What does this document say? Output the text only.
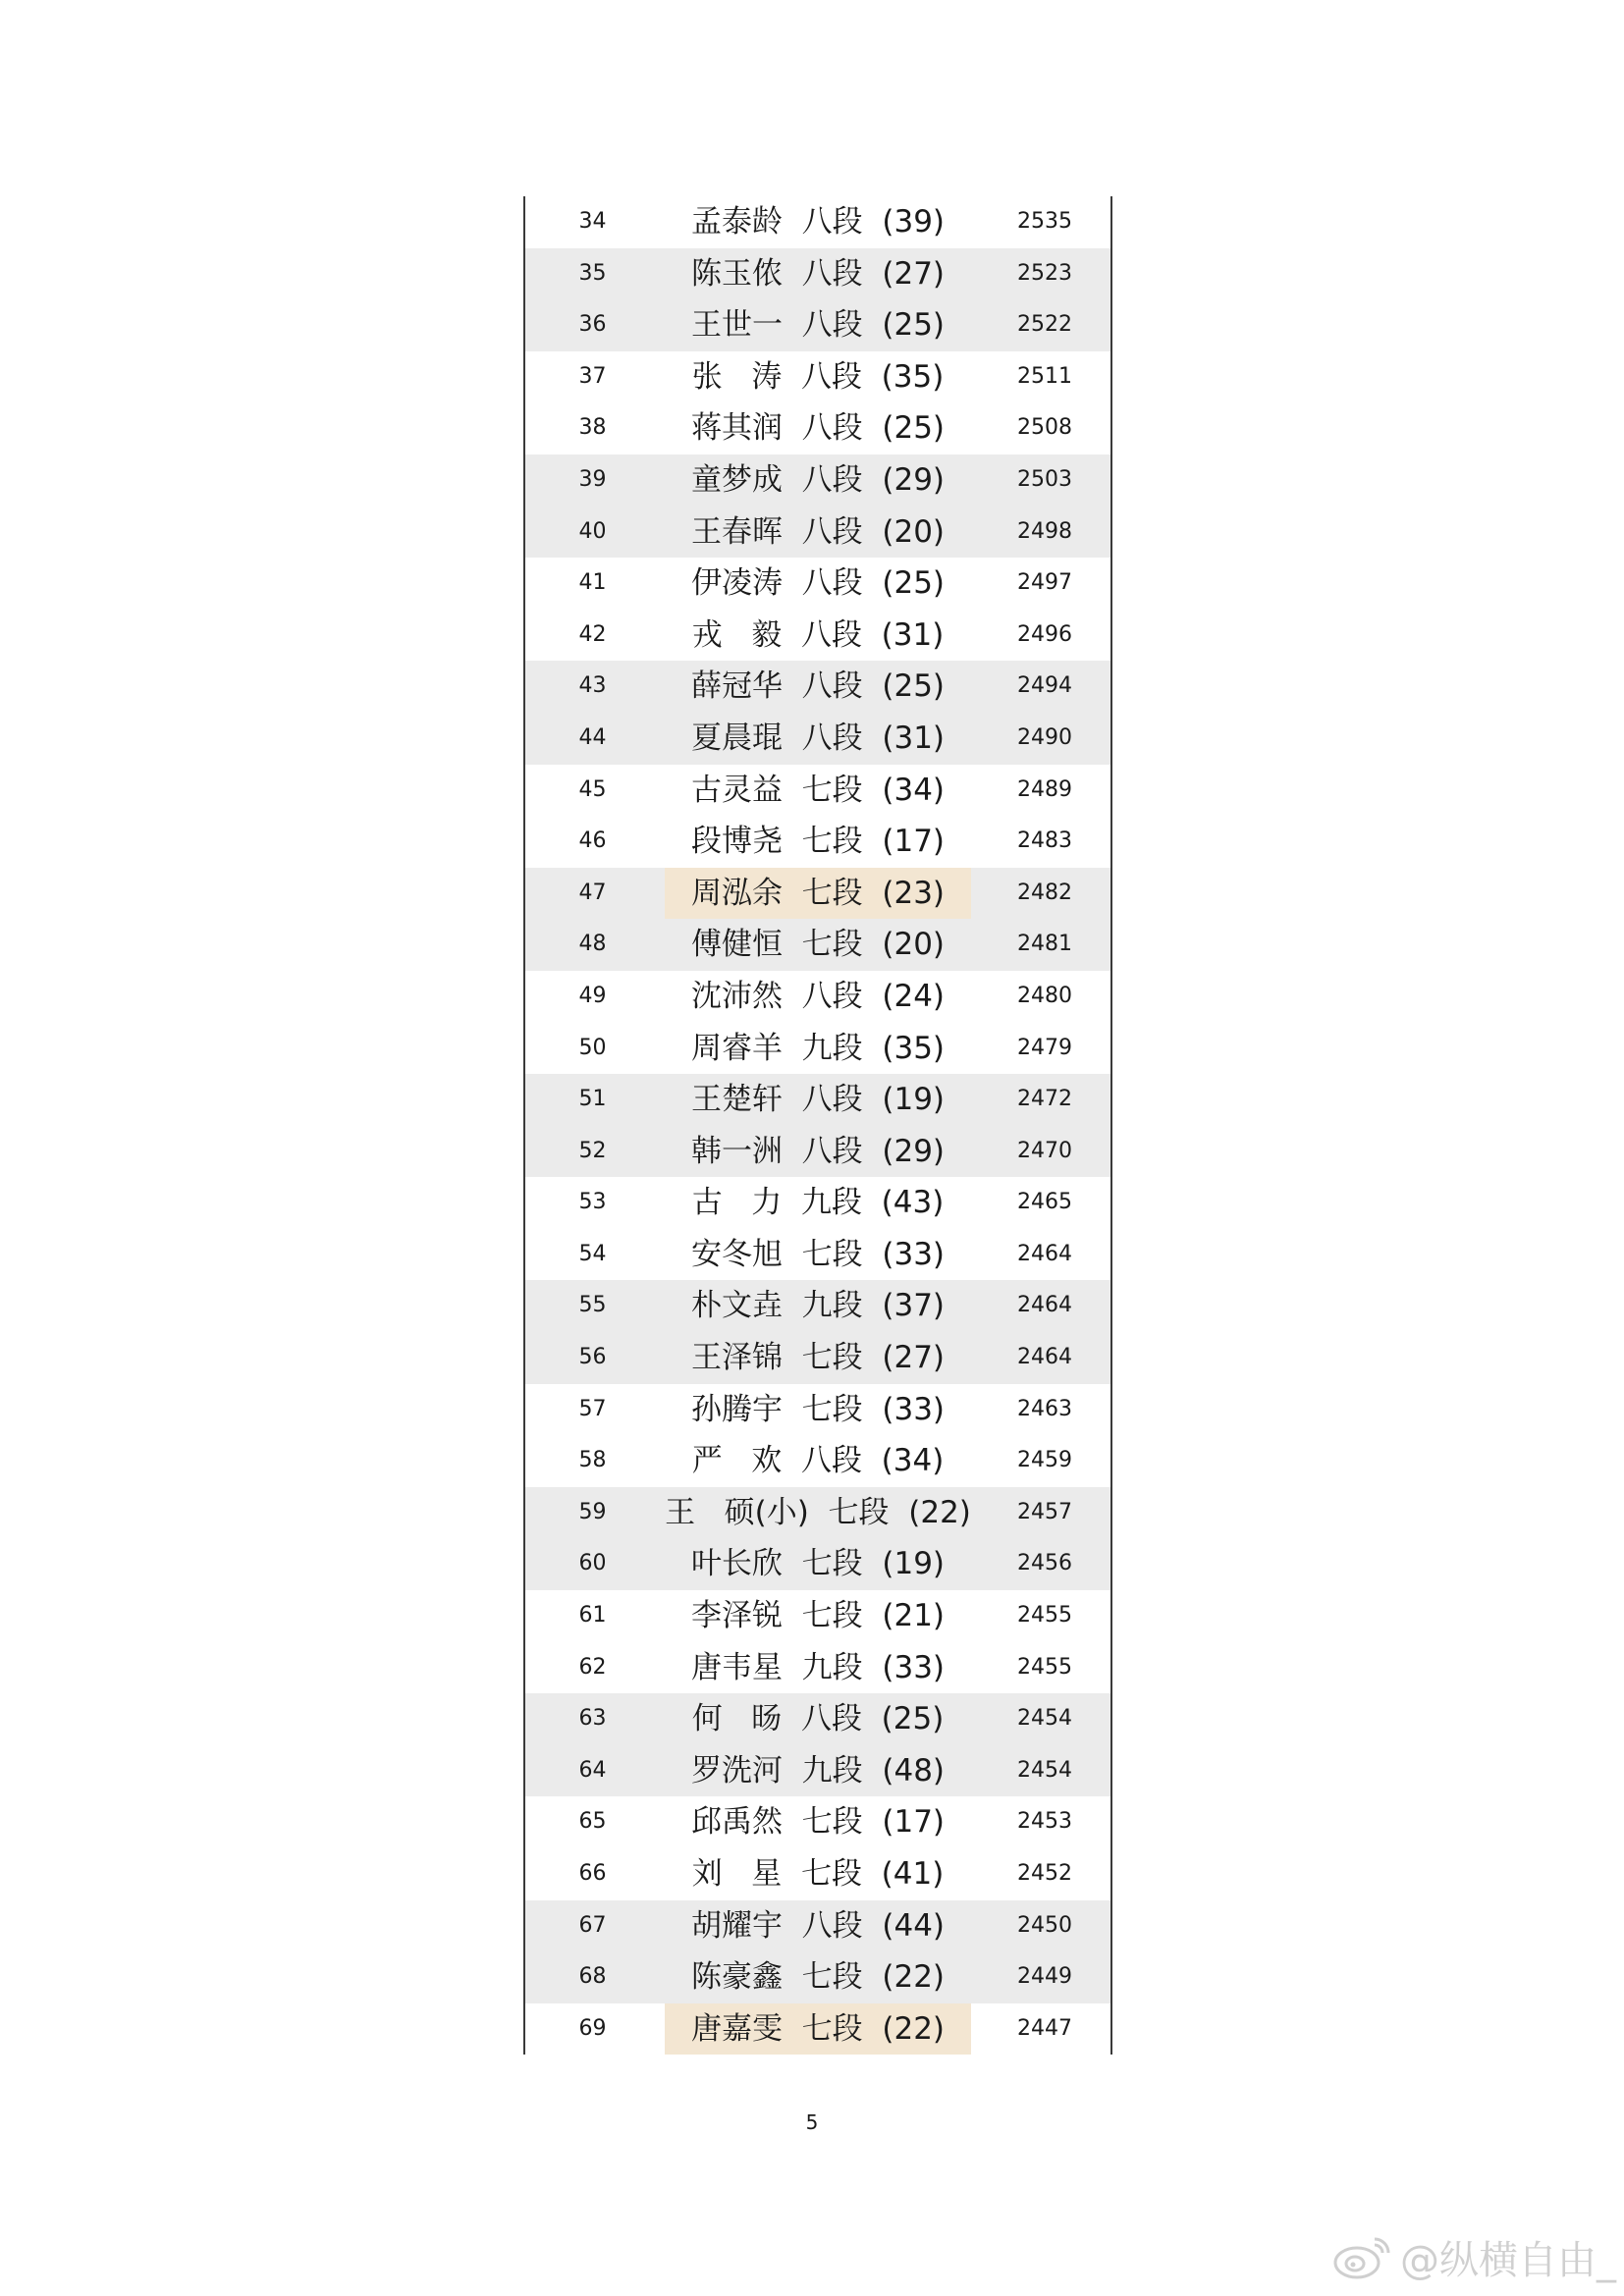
34	孟泰龄  八段  (39)	2535
35	陈玉侬  八段  (27)	2523
36	王世一  八段  (25)	2522
37	张   涛  八段  (35)	2511
38	蒋其润  八段  (25)	2508
39	童梦成  八段  (29)	2503
40	王春晖  八段  (20)	2498
41	伊凌涛  八段  (25)	2497
42	戎   毅  八段  (31)	2496
43	薛冠华  八段  (25)	2494
44	夏晨琨  八段  (31)	2490
45	古灵益  七段  (34)	2489
46	段博尧  七段  (17)	2483
47	周泓余  七段  (23)	2482
48	傅健恒  七段  (20)	2481
49	沈沛然  八段  (24)	2480
50	周睿羊  九段  (35)	2479
51	王楚轩  八段  (19)	2472
52	韩一洲  八段  (29)	2470
53	古   力  九段  (43)	2465
54	安冬旭  七段  (33)	2464
55	朴文垚  九段  (37)	2464
56	王泽锦  七段  (27)	2464
57	孙腾宇  七段  (33)	2463
58	严   欢  八段  (34)	2459
59	王   硕(小)  七段  (22)	2457
60	叶长欣  七段  (19)	2456
61	李泽锐  七段  (21)	2455
62	唐韦星  九段  (33)	2455
63	何   旸  八段  (25)	2454
64	罗洗河  九段  (48)	2454
65	邱禹然  七段  (17)	2453
66	刘   星  七段  (41)	2452
67	胡耀宇  八段  (44)	2450
68	陈豪鑫  七段  (22)	2449
69	唐嘉雯  七段  (22)	2447
5
@纵横自由_
